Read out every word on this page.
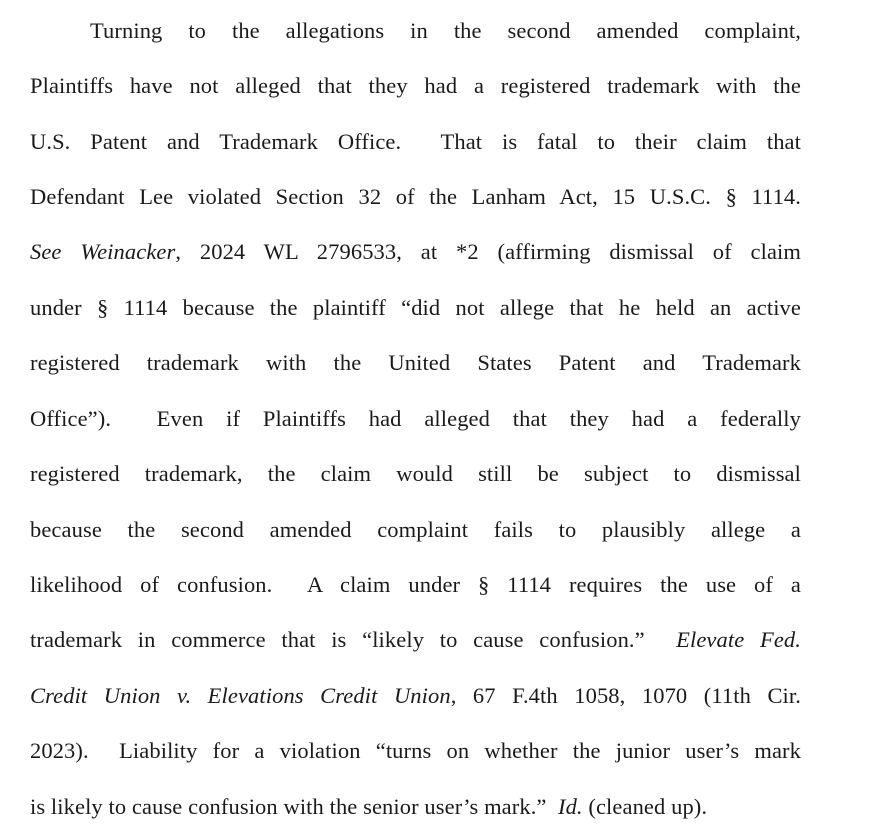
Turning to the allegations in the second amended complaint,
Plaintiffs have not alleged that they had a registered trademark with the
U.S. Patent and Trademark Office.  That is fatal to their claim that
Defendant Lee violated Section 32 of the Lanham Act, 15 U.S.C. § 1114.
See Weinacker, 2024 WL 2796533, at *2 (affirming dismissal of claim
under § 1114 because the plaintiff “did not allege that he held an active
registered trademark with the United States Patent and Trademark
Office”).  Even if Plaintiffs had alleged that they had a federally
registered trademark, the claim would still be subject to dismissal
because the second amended complaint fails to plausibly allege a
likelihood of confusion.  A claim under § 1114 requires the use of a
trademark in commerce that is “likely to cause confusion.”  Elevate Fed.
Credit Union v. Elevations Credit Union, 67 F.4th 1058, 1070 (11th Cir.
2023).  Liability for a violation “turns on whether the junior user’s mark
is likely to cause confusion with the senior user’s mark.”  Id. (cleaned up).
